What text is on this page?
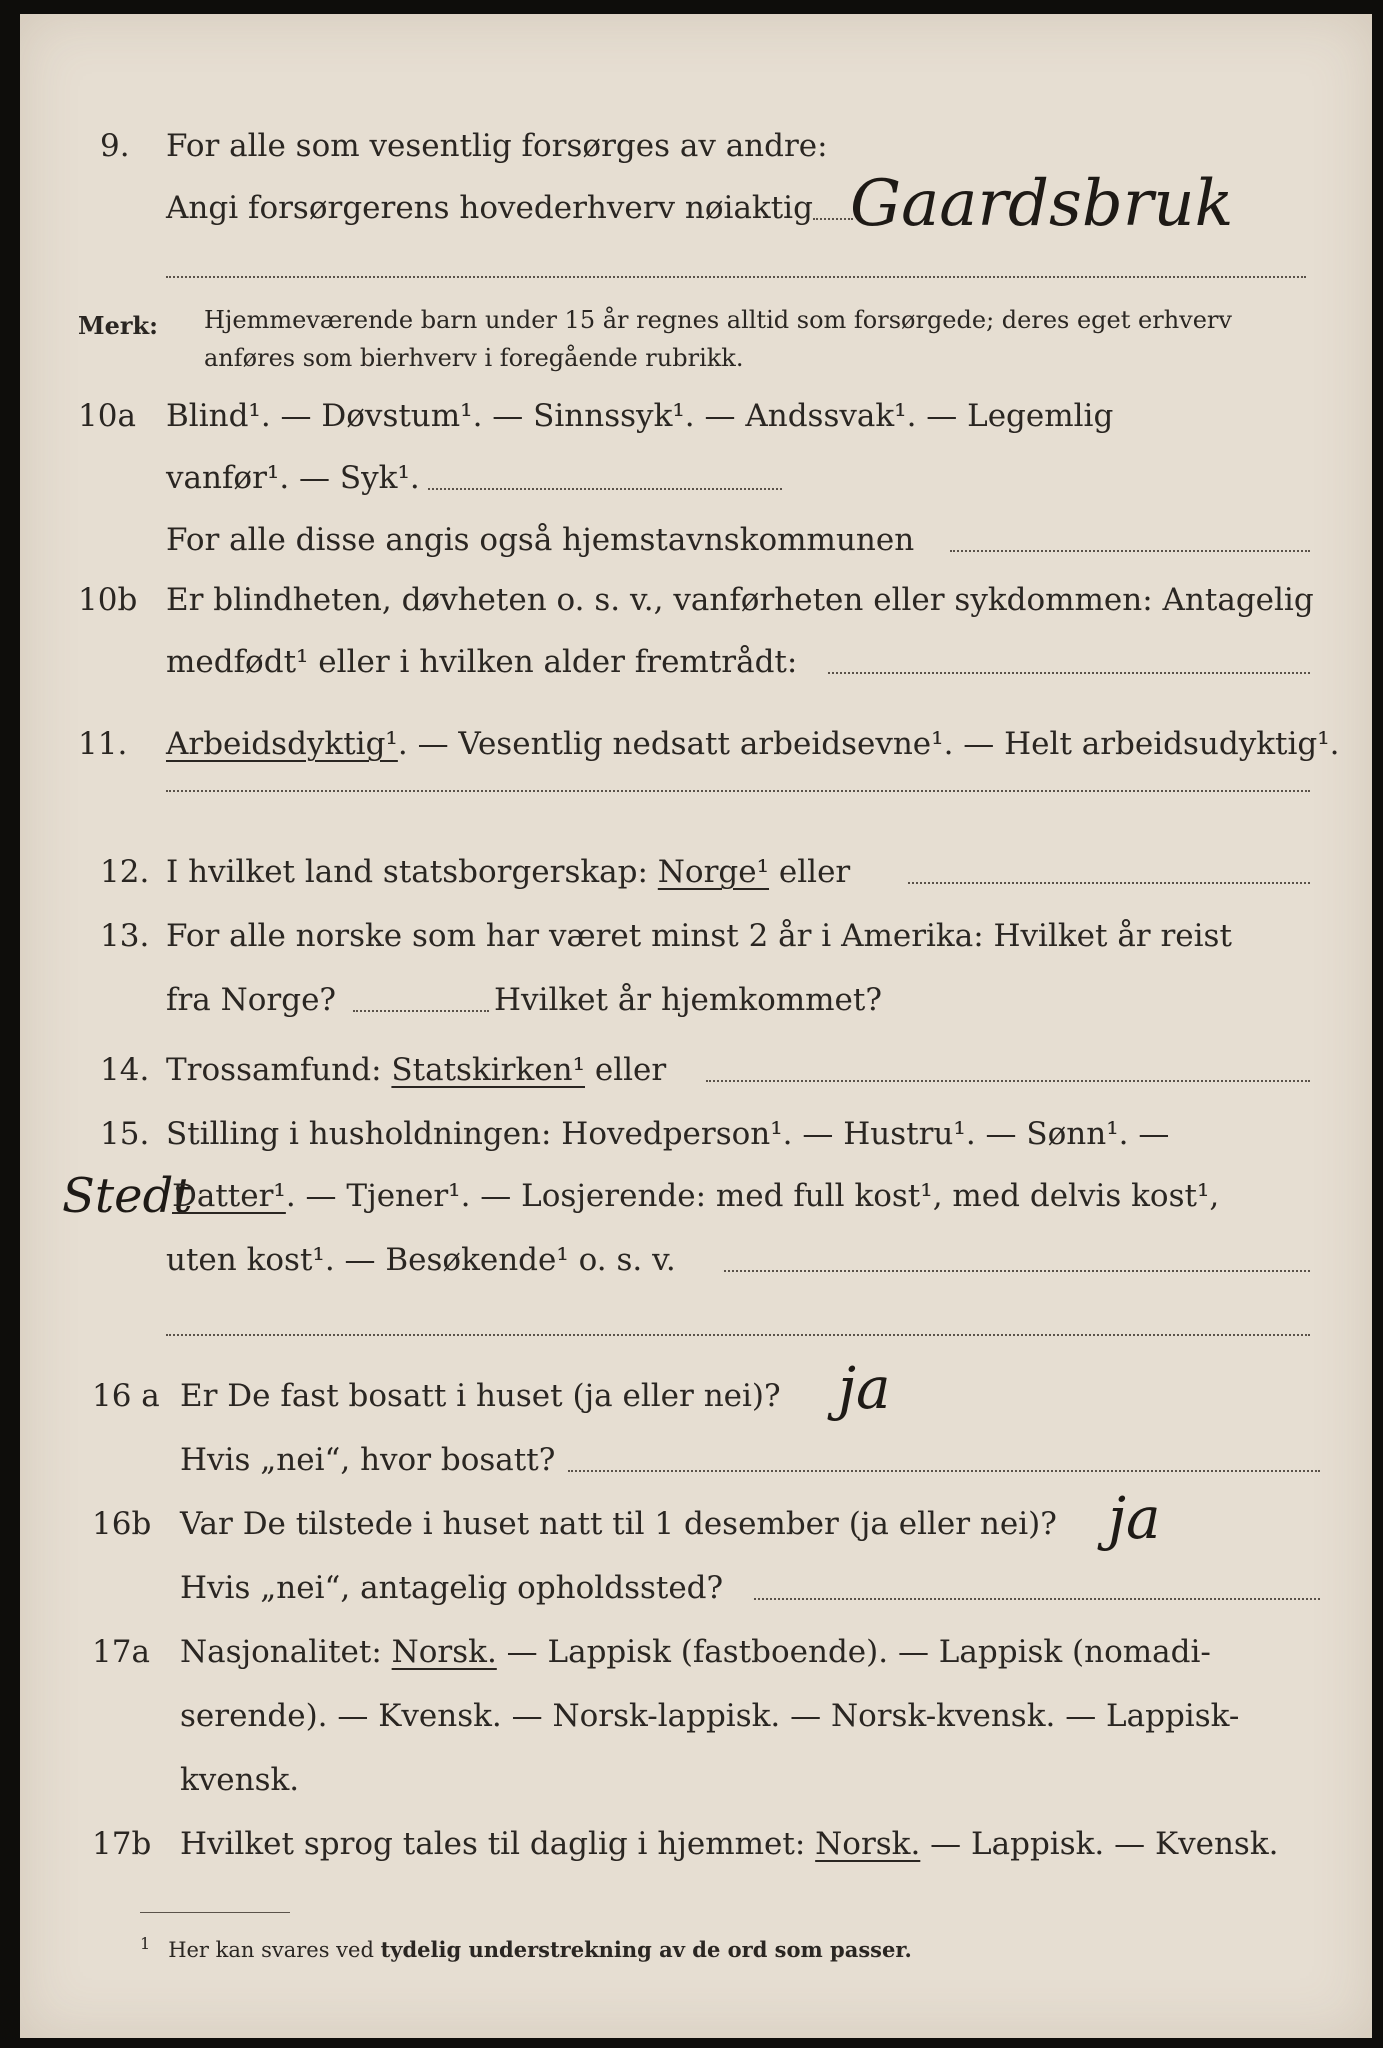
9. For alle som vesentlig forsørges av andre:
Angi forsørgerens hovederhverv nøiaktig Gaardsbruk
Merk: Hjemmeværende barn under 15 år regnes alltid som forsørgede; deres eget erhverv
anføres som bierhverv i foregående rubrikk.
10a Blind¹. — Døvstum¹. — Sinnssyk¹. — Andssvak¹. — Legemlig
vanfør¹. — Syk¹.
For alle disse angis også hjemstavnskommunen
10b Er blindheten, døvheten o. s. v., vanførheten eller sykdommen: Antagelig
medfødt¹ eller i hvilken alder fremtrådt:
11. Arbeidsdyktig¹. — Vesentlig nedsatt arbeidsevne¹. — Helt arbeidsudyktig¹.
12. I hvilket land statsborgerskap: Norge¹ eller
13. For alle norske som har været minst 2 år i Amerika: Hvilket år reist
fra Norge?	Hvilket år hjemkommet?
14. Trossamfund: Statskirken¹ eller
15. Stilling i husholdningen: Hovedperson¹. — Hustru¹. — Sønn¹. —
Stedt
Datter¹. — Tjener¹. — Losjerende: med full kost¹, med delvis kost¹,
uten kost¹. — Besøkende¹ o. s. v.
16 a Er De fast bosatt i huset (ja eller nei)? ja
Hvis „nei“, hvor bosatt?
16b Var De tilstede i huset natt til 1 desember (ja eller nei)? ja
Hvis „nei“, antagelig opholdssted?
17a Nasjonalitet: Norsk. — Lappisk (fastboende). — Lappisk (nomadi-
serende). — Kvensk. — Norsk-lappisk. — Norsk-kvensk. — Lappisk-
kvensk.
17b Hvilket sprog tales til daglig i hjemmet: Norsk. — Lappisk. — Kvensk.
$^1$ Her kan svares ved tydelig understrekning av de ord som passer.
